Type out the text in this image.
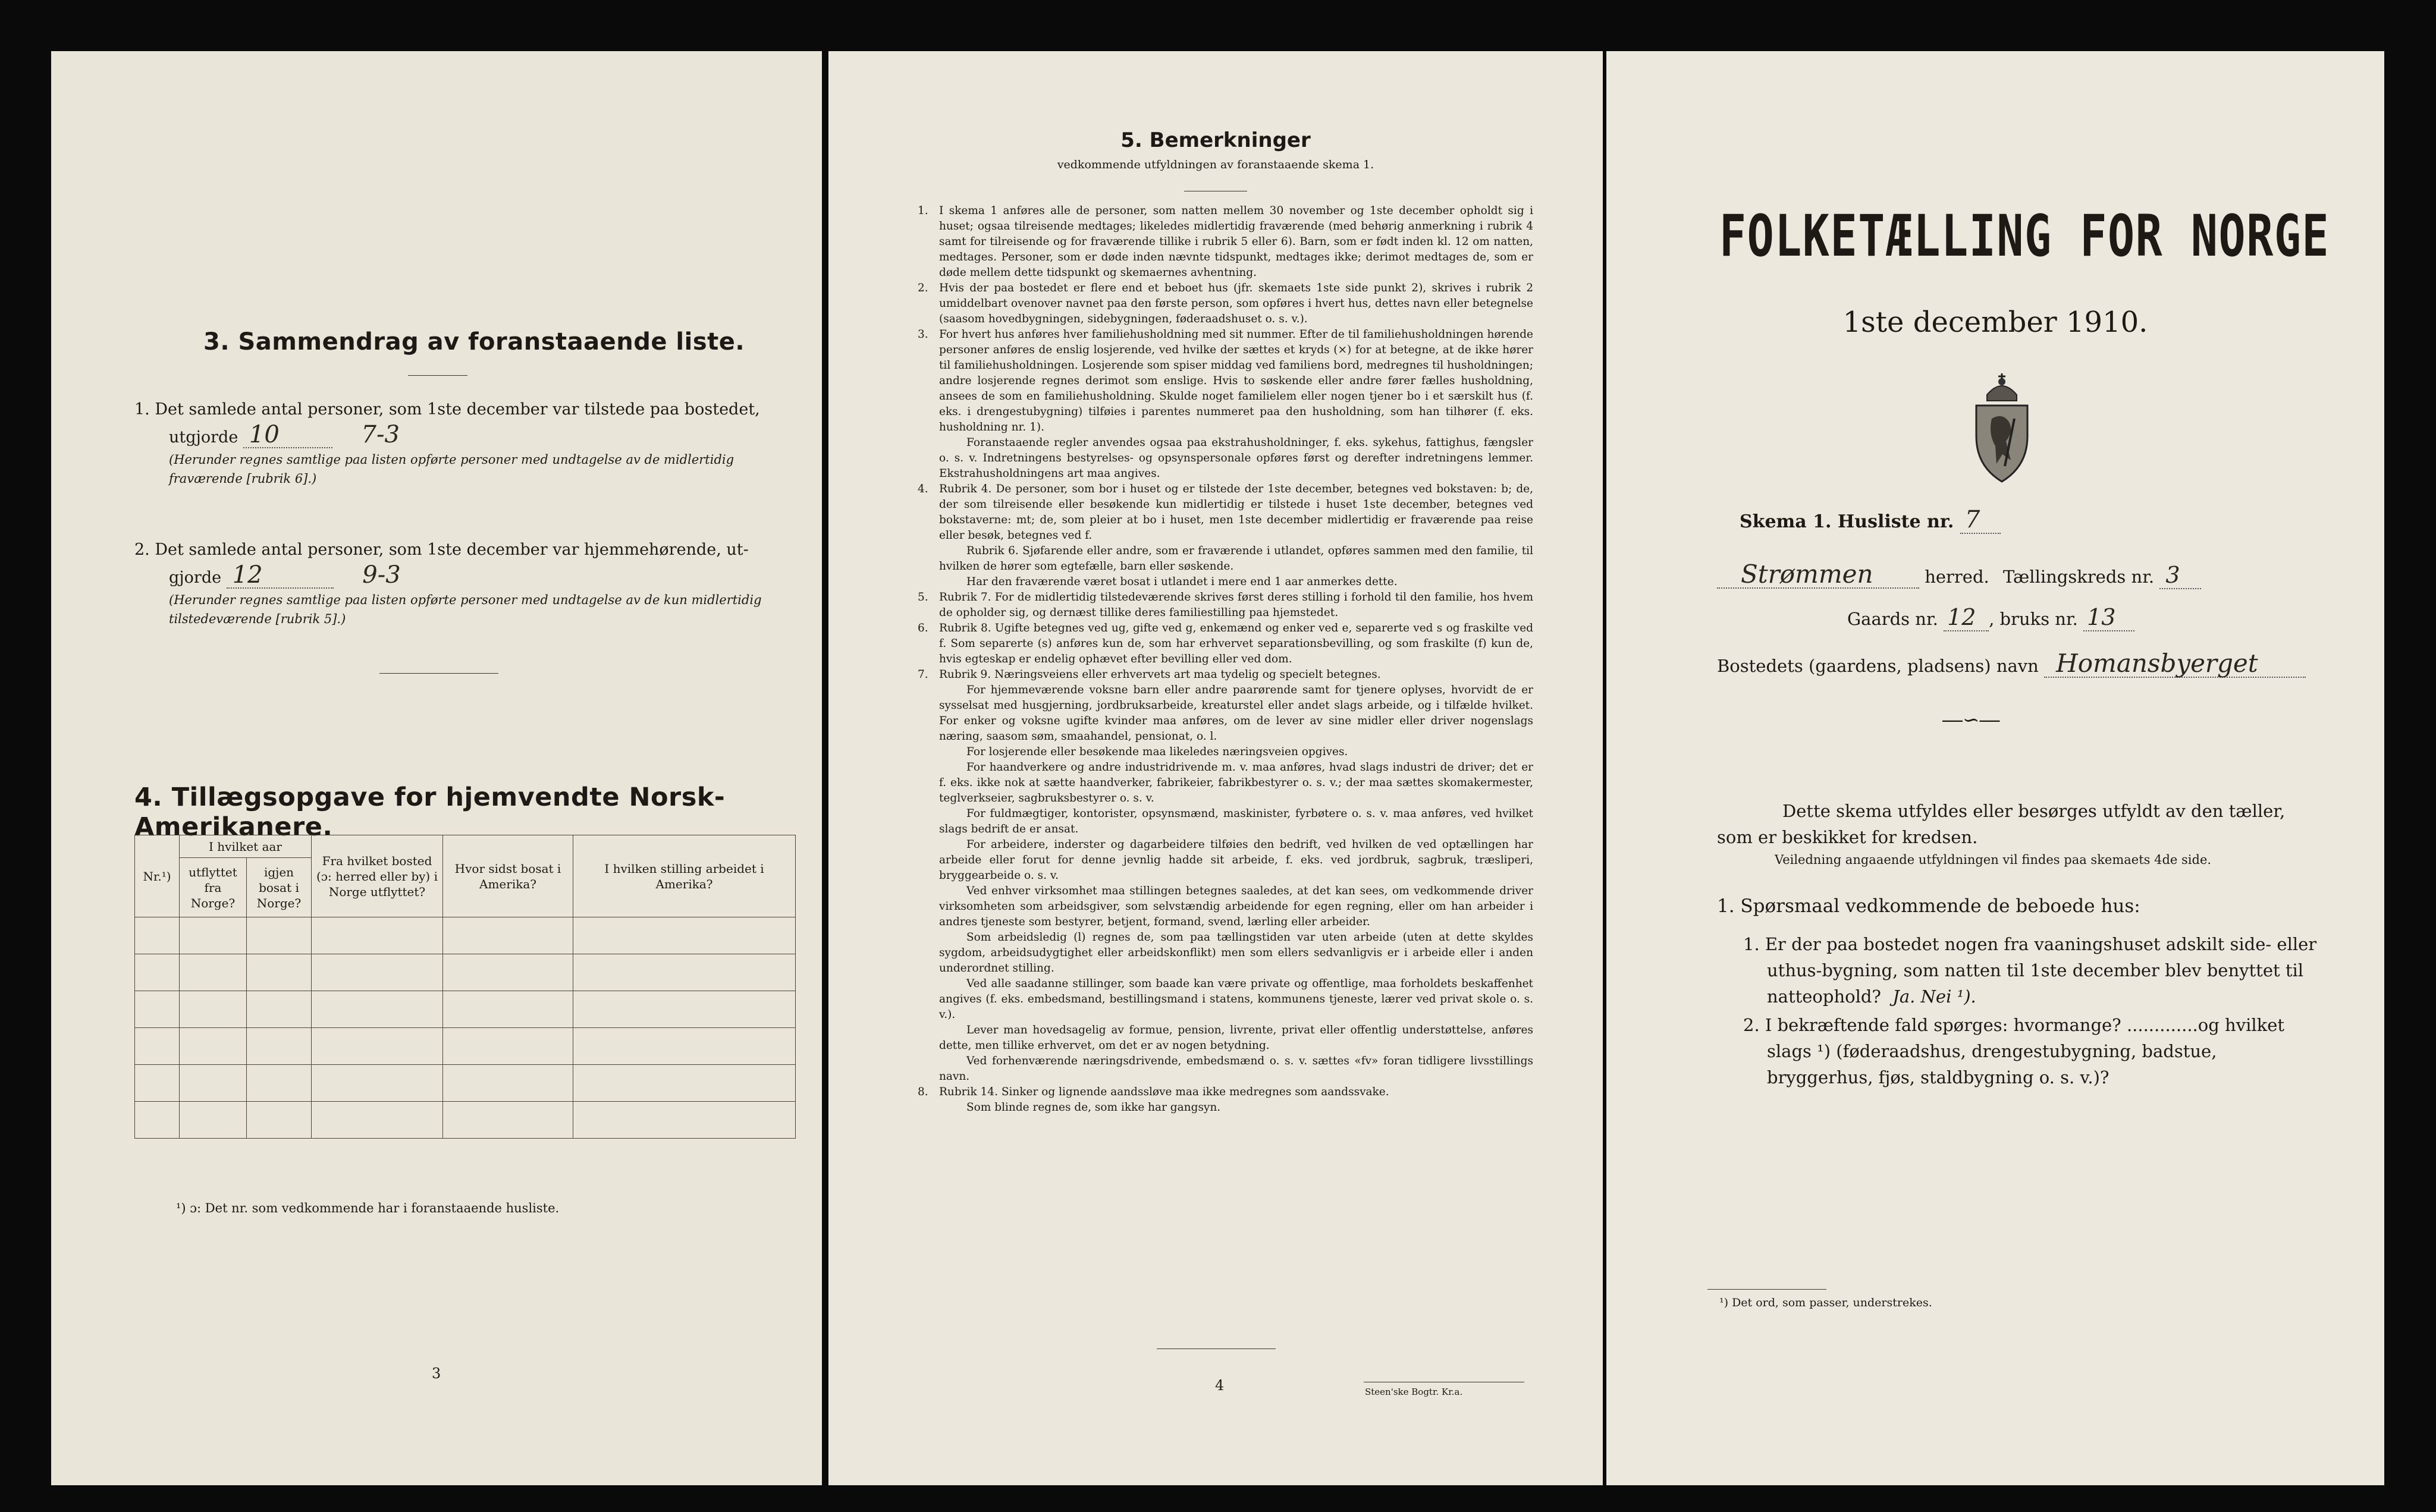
3. Sammendrag av foranstaaende liste.
1. Det samlede antal personer, som 1ste december var tilstede paa bostedet,
utgjorde 10	7-3
(Herunder regnes samtlige paa listen opførte personer med undtagelse av de midlertidig fraværende [rubrik 6].)
2. Det samlede antal personer, som 1ste december var hjemmehørende, ut-
gjorde 12	9-3
(Herunder regnes samtlige paa listen opførte personer med undtagelse av de kun midlertidig tilstedeværende [rubrik 5].)
4. Tillægsopgave for hjemvendte Norsk-Amerikanere.
Nr.¹)	I hvilket aar		Fra hvilket bosted (ɔ: herred eller by) i Norge utflyttet?	Hvor sidst bosat i Amerika?	I hvilken stilling arbeidet i Amerika?
	utflyttet fra Norge?	igjen bosat i Norge?			

¹) ɔ: Det nr. som vedkommende har i foranstaaende husliste.
3
5. Bemerkninger
vedkommende utfyldningen av foranstaaende skema 1.

1. I skema 1 anføres alle de personer, som natten mellem 30 november og 1ste december opholdt sig i huset; ogsaa tilreisende medtages; likeledes midlertidig fraværende (med behørig anmerkning i rubrik 4 samt for tilreisende og for fraværende tillike i rubrik 5 eller 6). Barn, som er født inden kl. 12 om natten, medtages. Personer, som er døde inden nævnte tidspunkt, medtages ikke; derimot medtages de, som er døde mellem dette tidspunkt og skemaernes avhentning.

2. Hvis der paa bostedet er flere end et beboet hus (jfr. skemaets 1ste side punkt 2), skrives i rubrik 2 umiddelbart ovenover navnet paa den første person, som opføres i hvert hus, dettes navn eller betegnelse (saasom hovedbygningen, sidebygningen, føderaadshuset o. s. v.).

3. For hvert hus anføres hver familiehusholdning med sit nummer. Efter de til familiehusholdningen hørende personer anføres de enslig losjerende, ved hvilke der sættes et kryds (×) for at betegne, at de ikke hører til familiehusholdningen. Losjerende som spiser middag ved familiens bord, medregnes til husholdningen; andre losjerende regnes derimot som enslige. Hvis to søskende eller andre fører fælles husholdning, ansees de som en familiehusholdning. Skulde noget familielem eller nogen tjener bo i et særskilt hus (f. eks. i drengestubygning) tilføies i parentes nummeret paa den husholdning, som han tilhører (f. eks. husholdning nr. 1).

Foranstaaende regler anvendes ogsaa paa ekstrahusholdninger, f. eks. sykehus, fattighus, fængsler o. s. v. Indretningens bestyrelses- og opsynspersonale opføres først og derefter indretningens lemmer. Ekstrahusholdningens art maa angives.

4. Rubrik 4. De personer, som bor i huset og er tilstede der 1ste december, betegnes ved bokstaven: b; de, der som tilreisende eller besøkende kun midlertidig er tilstede i huset 1ste december, betegnes ved bokstaverne: mt; de, som pleier at bo i huset, men 1ste december midlertidig er fraværende paa reise eller besøk, betegnes ved f.

Rubrik 6. Sjøfarende eller andre, som er fraværende i utlandet, opføres sammen med den familie, til hvilken de hører som egtefælle, barn eller søskende.

Har den fraværende været bosat i utlandet i mere end 1 aar anmerkes dette.

5. Rubrik 7. For de midlertidig tilstedeværende skrives først deres stilling i forhold til den familie, hos hvem de opholder sig, og dernæst tillike deres familiestilling paa hjemstedet.

6. Rubrik 8. Ugifte betegnes ved ug, gifte ved g, enkemænd og enker ved e, separerte ved s og fraskilte ved f. Som separerte (s) anføres kun de, som har erhvervet separationsbevilling, og som fraskilte (f) kun de, hvis egteskap er endelig ophævet efter bevilling eller ved dom.

7. Rubrik 9. Næringsveiens eller erhvervets art maa tydelig og specielt betegnes.

For hjemmeværende voksne barn eller andre paarørende samt for tjenere oplyses, hvorvidt de er sysselsat med husgjerning, jordbruksarbeide, kreaturstel eller andet slags arbeide, og i tilfælde hvilket. For enker og voksne ugifte kvinder maa anføres, om de lever av sine midler eller driver nogenslags næring, saasom søm, smaahandel, pensionat, o. l.

For losjerende eller besøkende maa likeledes næringsveien opgives.

For haandverkere og andre industridrivende m. v. maa anføres, hvad slags industri de driver; det er f. eks. ikke nok at sætte haandverker, fabrikeier, fabrikbestyrer o. s. v.; der maa sættes skomakermester, teglverkseier, sagbruksbestyrer o. s. v.

For fuldmægtiger, kontorister, opsynsmænd, maskinister, fyrbøtere o. s. v. maa anføres, ved hvilket slags bedrift de er ansat.

For arbeidere, inderster og dagarbeidere tilføies den bedrift, ved hvilken de ved optællingen har arbeide eller forut for denne jevnlig hadde sit arbeide, f. eks. ved jordbruk, sagbruk, træsliperi, bryggearbeide o. s. v.

Ved enhver virksomhet maa stillingen betegnes saaledes, at det kan sees, om vedkommende driver virksomheten som arbeidsgiver, som selvstændig arbeidende for egen regning, eller om han arbeider i andres tjeneste som bestyrer, betjent, formand, svend, lærling eller arbeider.

Som arbeidsledig (l) regnes de, som paa tællingstiden var uten arbeide (uten at dette skyldes sygdom, arbeidsudygtighet eller arbeidskonflikt) men som ellers sedvanligvis er i arbeide eller i anden underordnet stilling.

Ved alle saadanne stillinger, som baade kan være private og offentlige, maa forholdets beskaffenhet angives (f. eks. embedsmand, bestillingsmand i statens, kommunens tjeneste, lærer ved privat skole o. s. v.).

Lever man hovedsagelig av formue, pension, livrente, privat eller offentlig understøttelse, anføres dette, men tillike erhvervet, om det er av nogen betydning.

Ved forhenværende næringsdrivende, embedsmænd o. s. v. sættes «fv» foran tidligere livsstillings navn.

8. Rubrik 14. Sinker og lignende aandssløve maa ikke medregnes som aandssvake.

Som blinde regnes de, som ikke har gangsyn.

4	Steen'ske Bogtr. Kr.a.
FOLKETÆLLING FOR NORGE
1ste december 1910.
Skema 1. Husliste nr. 7
Strømmen	herred. Tællingskreds nr. 3
Gaards nr. 12 , bruks nr. 13
Bostedets (gaardens, pladsens) navn Homansbyerget
―∽―
Dette skema utfyldes eller besørges utfyldt av den tæller, som er beskikket for kredsen.
Veiledning angaaende utfyldningen vil findes paa skemaets 4de side.
1. Spørsmaal vedkommende de beboede hus:
1. Er der paa bostedet nogen fra vaaningshuset adskilt side- eller uthus-bygning, som natten til 1ste december blev benyttet til natteophold? Ja. Nei ¹).
2. I bekræftende fald spørges: hvormange? .............og hvilket slags ¹) (føderaadshus, drengestubygning, badstue, bryggerhus, fjøs, staldbygning o. s. v.)?
¹) Det ord, som passer, understrekes.
